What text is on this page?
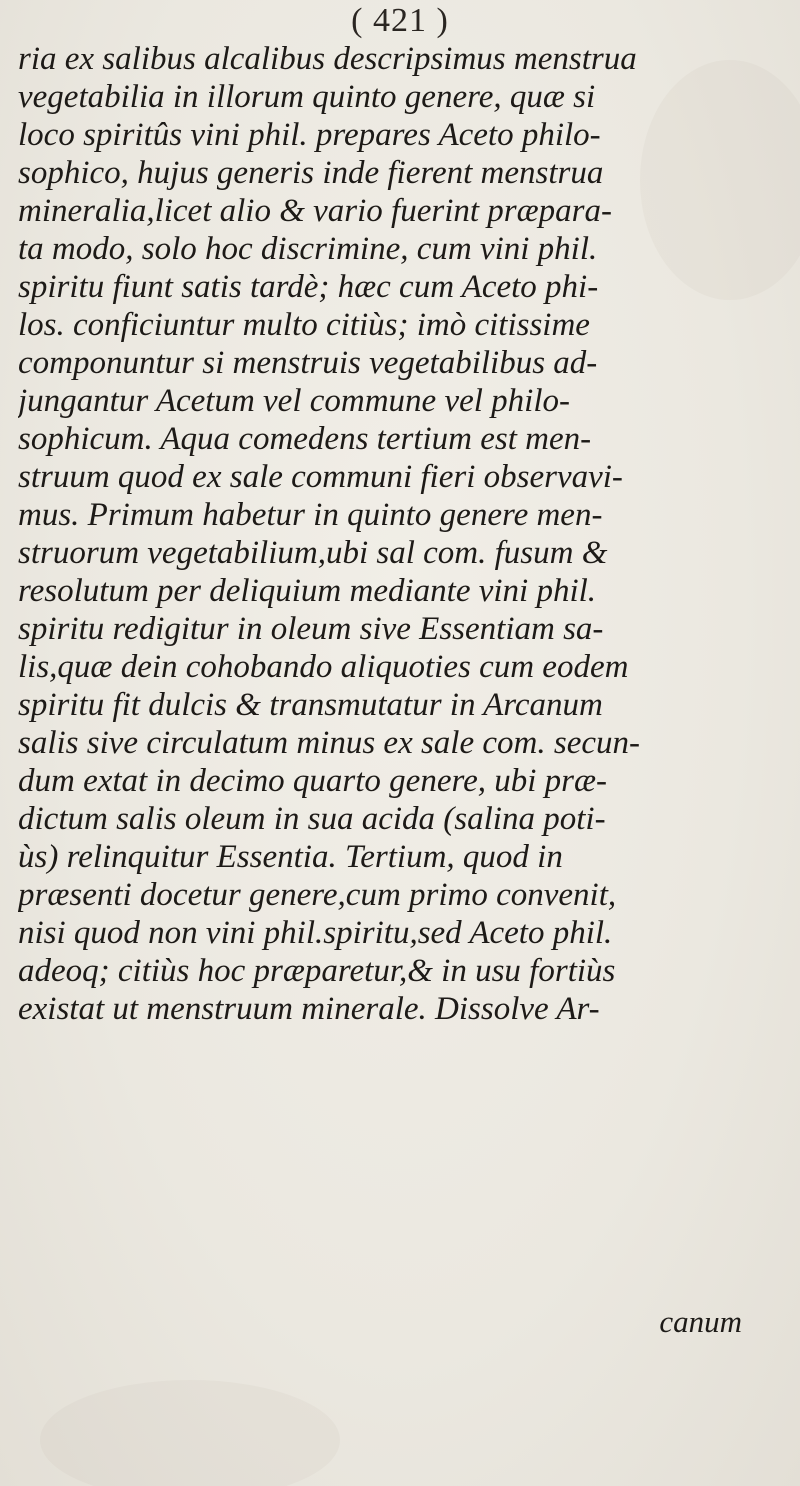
( 421 )
ria ex salibus alcalibus descripsimus menstrua
vegetabilia in illorum quinto genere, quæ si
loco spiritûs vini phil. prepares Aceto philo-
sophico, hujus generis inde fierent menstrua
mineralia,licet alio & vario fuerint præpara-
ta modo, solo hoc discrimine, cum vini phil.
spiritu fiunt satis tardè; hæc cum Aceto phi-
los. conficiuntur multo citiùs; imò citissime
componuntur si menstruis vegetabilibus ad-
jungantur Acetum vel commune vel philo-
sophicum. Aqua comedens tertium est men-
struum quod ex sale communi fieri observavi-
mus. Primum habetur in quinto genere men-
struorum vegetabilium,ubi sal com. fusum &
resolutum per deliquium mediante vini phil.
spiritu redigitur in oleum sive Essentiam sa-
lis,quæ dein cohobando aliquoties cum eodem
spiritu fit dulcis & transmutatur in Arcanum
salis sive circulatum minus ex sale com. secun-
dum extat in decimo quarto genere, ubi præ-
dictum salis oleum in sua acida (salina poti-
ùs) relinquitur Essentia. Tertium, quod in
præsenti docetur genere,cum primo convenit,
nisi quod non vini phil.spiritu,sed Aceto phil.
adeoq; citiùs hoc præparetur,& in usu fortiùs
existat ut menstruum minerale. Dissolve Ar-
canum
